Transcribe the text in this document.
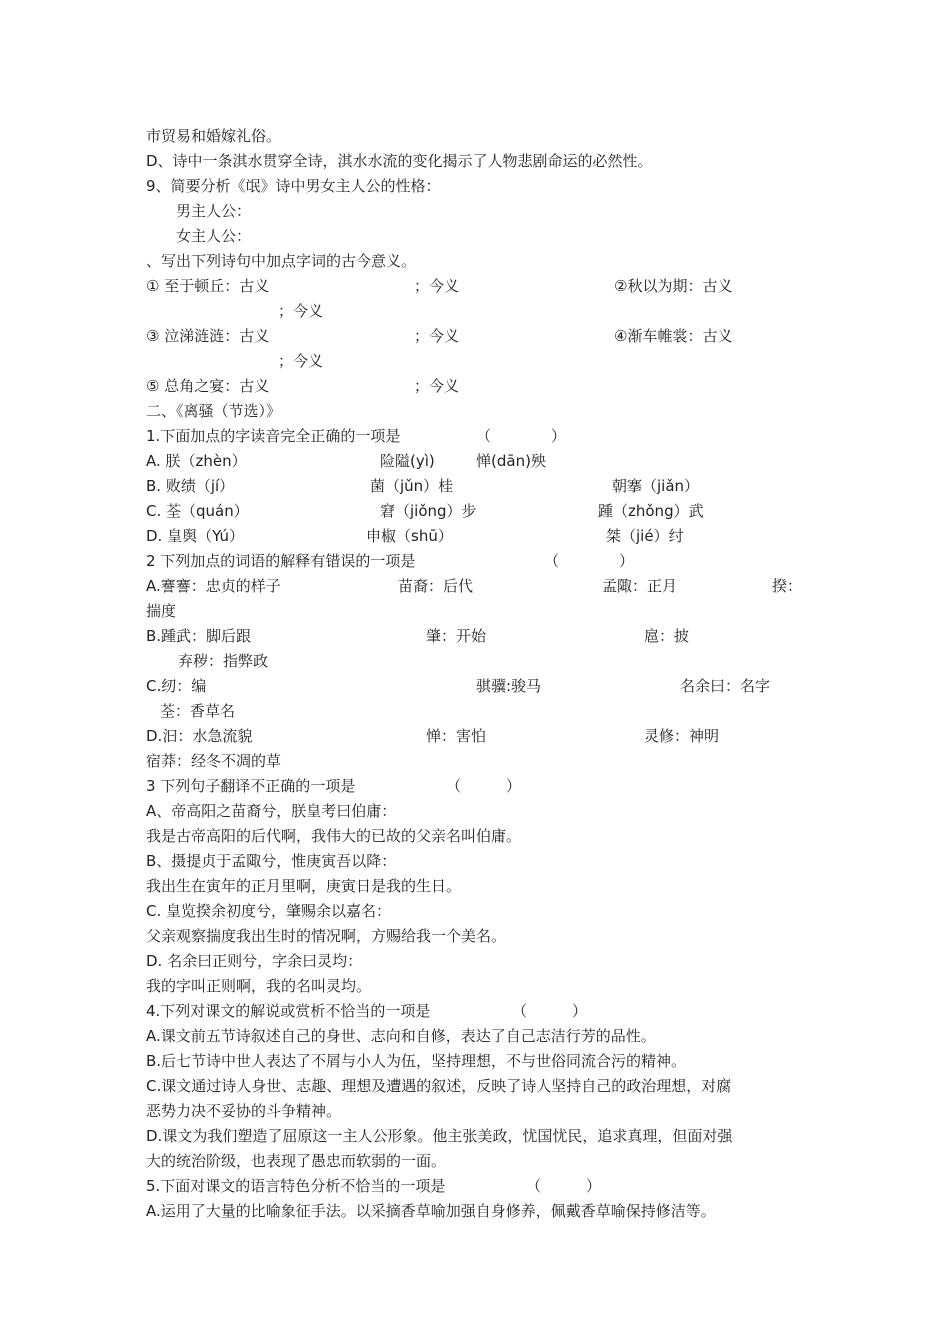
市贸易和婚嫁礼俗。
D、诗中一条淇水贯穿全诗，淇水水流的变化揭示了人物悲剧命运的必然性。
9、简要分析《氓》诗中男女主人公的性格：
男主人公：
女主人公：
、写出下列诗句中加点字词的古今意义。
① 至于顿丘：古义	；今义	②秋以为期：古义
；今义
③ 泣涕涟涟：古义	；今义	④渐车帷裳：古义
；今义
⑤ 总角之宴：古义	；今义
二、《离骚（节选）》
1.下面加点的字读音完全正确的一项是	（　　　　）
A. 朕（zhèn）	险隘(yì)	惮(dān)殃
B. 败绩（jí）	菌（jǔn）桂	朝搴（jiǎn）
C. 荃（quán）	窘（jiǒng）步	踵（zhǒng）武
D. 皇舆（Yú）	申椒（shū）	桀（jié）纣
2 下列加点的词语的解释有错误的一项是	（　　　　）
A.謇謇：忠贞的样子	苗裔：后代	孟陬：正月	揆：
揣度
B.踵武：脚后跟	肇：开始	扈：披
弃秽：指弊政
C.纫：编	骐骥:骏马	名余曰：名字
荃：香草名
D.汩：水急流貌	惮：害怕	灵修：神明
宿莽：经冬不凋的草
3 下列句子翻译不正确的一项是	（　　　）
A、帝高阳之苗裔兮，朕皇考曰伯庸：
我是古帝高阳的后代啊，我伟大的已故的父亲名叫伯庸。
B、摄提贞于孟陬兮，惟庚寅吾以降：
我出生在寅年的正月里啊，庚寅日是我的生日。
C. 皇览揆余初度兮，肇赐余以嘉名：
父亲观察揣度我出生时的情况啊，方赐给我一个美名。
D. 名余曰正则兮，字余曰灵均：
我的字叫正则啊，我的名叫灵均。
4.下列对课文的解说或赏析不恰当的一项是	（　　　）
A.课文前五节诗叙述自己的身世、志向和自修，表达了自己志洁行芳的品性。
B.后七节诗中世人表达了不屑与小人为伍，坚持理想，不与世俗同流合污的精神。
C.课文通过诗人身世、志趣、理想及遭遇的叙述，反映了诗人坚持自己的政治理想，对腐
恶势力决不妥协的斗争精神。
D.课文为我们塑造了屈原这一主人公形象。他主张美政，忧国忧民，追求真理，但面对强
大的统治阶级，也表现了愚忠而软弱的一面。
5.下面对课文的语言特色分析不恰当的一项是	（　　　）
A.运用了大量的比喻象征手法。以采摘香草喻加强自身修养，佩戴香草喻保持修洁等。
